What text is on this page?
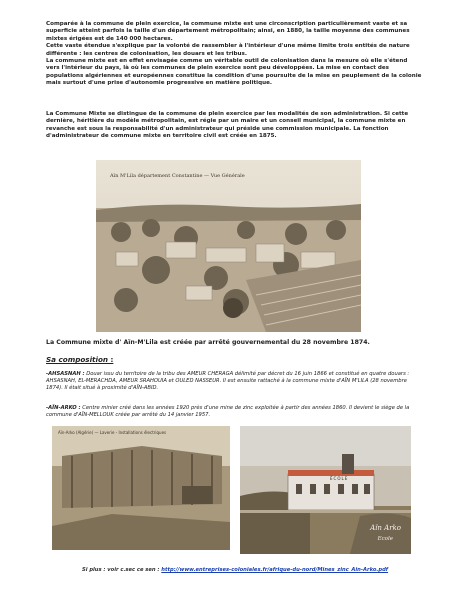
Comparée à la commune de plein exercice, la commune mixte est une circonscription particulièrement vaste et sa superficie atteint parfois la taille d'un département métropolitain; ainsi, en 1880, la taille moyenne des communes mixtes érigées est de 140 000 hectares.
Cette vaste étendue s'explique par la volonté de rassembler à l'intérieur d'une même limite trois entités de nature différente : les centres de colonisation, les douars et les tribus.
La commune mixte est en effet envisagée comme un véritable outil de colonisation dans la mesure où elle s'étend vers l'intérieur du pays, là où les communes de plein exercice sont peu développées. La mise en contact des populations algériennes et européennes constitue la condition d'une poursuite de la mise en peuplement de la colonie mais surtout d'une prise d'autonomie progressive en matière politique.
La Commune Mixte se distingue de la commune de plein exercice par les modalités de son administration. Si cette dernière, héritière du modèle métropolitain, est régie par un maire et un conseil municipal, la commune mixte en revanche est sous la responsabilité d'un administrateur qui préside une commission municipale. La fonction d'administrateur de commune mixte en territoire civil est créée en 1875.
Aïn M'Lila département Constantine — Vue Générale
La Commune mixte d' Aïn-M'Lila est créée par arrêté gouvernemental du 28 novembre 1874.
Sa composition :
-AHSASNAH : Douar issu du territoire de la tribu des AMEUR CHERAGA délimité par décret du 16 juin 1866 et constitué en quatre douars : AHSASNAH, EL-MERACHDA, AMEUR SRAHOUIA et OULED NASSEUR. Il est ensuite rattaché à la commune mixte d'AÏN M'LILA (28 novembre 1874). Il était situé à proximité d'AÏN-ABID.
-AÏN-ARKO : Centre minier créé dans les années 1920 près d'une mine de zinc exploitée à partir des années 1860. Il devient le siège de la commune d'AÏN-MELLOUK créée par arrêté du 14 janvier 1957.
Aïn-Arko (Algérie) — Laverie - Installations électriques
ÉCOLE
Aïn Arko
Ecole
Si plus : voir c.sec ce sen : http://www.entreprises-coloniales.fr/afrique-du-nord/Mines_zinc_Ain-Arko.pdf
